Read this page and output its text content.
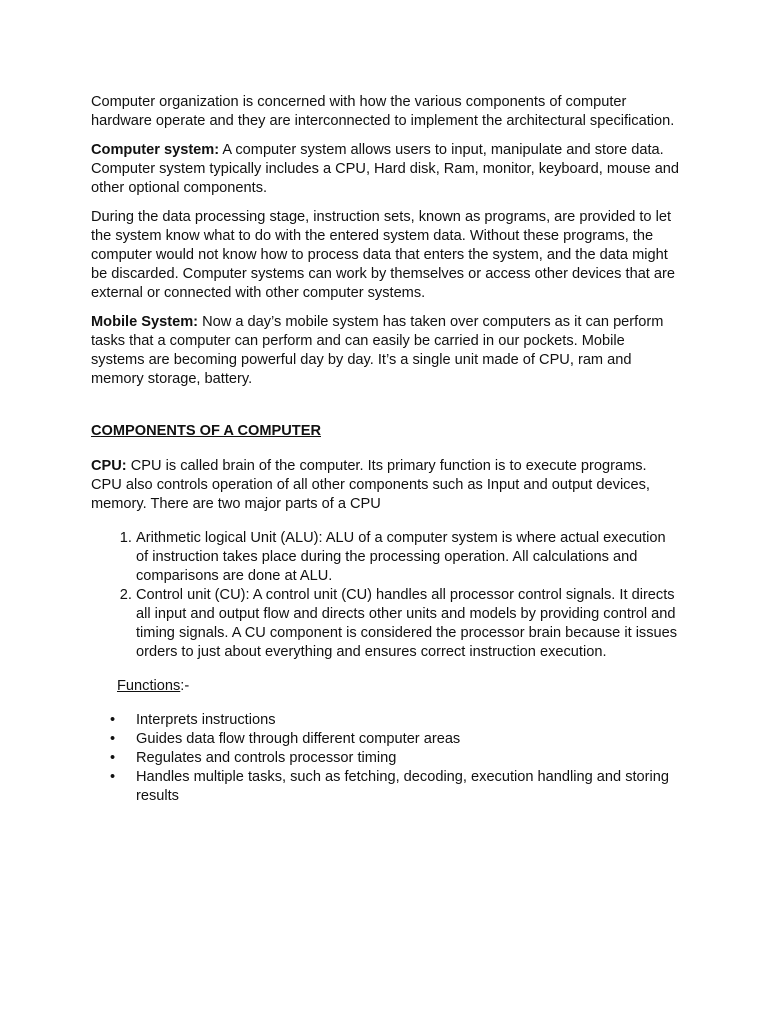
Computer organization is concerned with how the various components of computer hardware operate and they are interconnected to implement the architectural specification.

Computer system: A computer system allows users to input, manipulate and store data. Computer system typically includes a CPU, Hard disk, Ram, monitor, keyboard, mouse and other optional components.

During the data processing stage, instruction sets, known as programs, are provided to let the system know what to do with the entered system data. Without these programs, the computer would not know how to process data that enters the system, and the data might be discarded. Computer systems can work by themselves or access other devices that are external or connected with other computer systems.

Mobile System: Now a day’s mobile system has taken over computers as it can perform tasks that a computer can perform and can easily be carried in our pockets. Mobile systems are becoming powerful day by day. It’s a single unit made of CPU, ram and memory storage, battery.

COMPONENTS OF A COMPUTER

CPU: CPU is called brain of the computer. Its primary function is to execute programs. CPU also controls operation of all other components such as Input and output devices, memory. There are two major parts of a CPU

1. Arithmetic logical Unit (ALU): ALU of a computer system is where actual execution of instruction takes place during the processing operation. All calculations and comparisons are done at ALU.
2. Control unit (CU): A control unit (CU) handles all processor control signals. It directs all input and output flow and directs other units and models by providing control and timing signals. A CU component is considered the processor brain because it issues orders to just about everything and ensures correct instruction execution.

Functions:-

• Interprets instructions
• Guides data flow through different computer areas
• Regulates and controls processor timing
• Handles multiple tasks, such as fetching, decoding, execution handling and storing results
